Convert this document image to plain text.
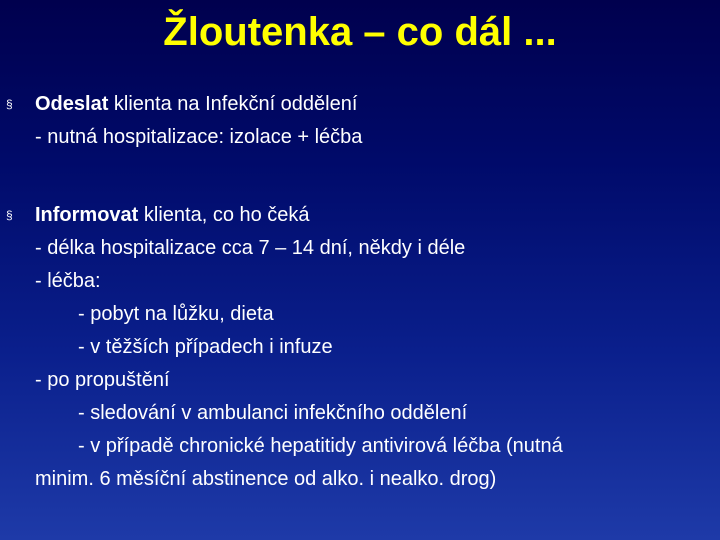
Žloutenka – co dál ...
§ Odeslat klienta na Infekční oddělení
- nutná hospitalizace: izolace + léčba
§ Informovat klienta, co ho čeká
- délka hospitalizace cca 7 – 14 dní, někdy i déle
- léčba:
- pobyt na lůžku, dieta
- v těžších případech i infuze
- po propuštění
- sledování v ambulanci infekčního oddělení
- v případě chronické hepatitidy antivirová léčba (nutná
minim. 6 měsíční abstinence od alko. i nealko. drog)
